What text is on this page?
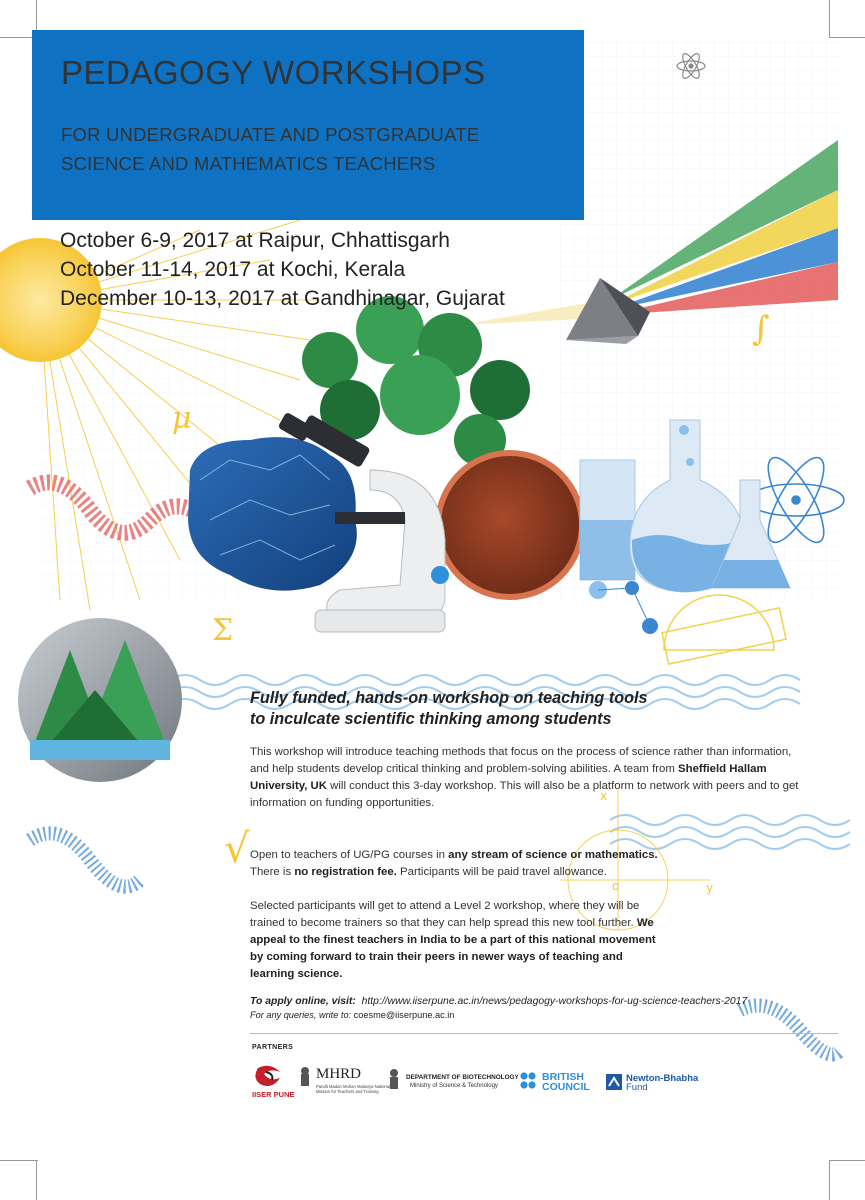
μ
Σ
∫
√
x
y
o
PEDAGOGY WORKSHOPS
FOR UNDERGRADUATE AND POSTGRADUATE
SCIENCE AND MATHEMATICS TEACHERS
October 6-9, 2017 at Raipur, Chhattisgarh
October 11-14, 2017 at Kochi, Kerala
December 10-13, 2017 at Gandhinagar, Gujarat
Fully funded, hands-on workshop on teaching tools
to inculcate scientific thinking among students
This workshop will introduce teaching methods that focus on the process of science rather than information, and help students develop critical thinking and problem-solving abilities. A team from Sheffield Hallam University, UK will conduct this 3-day workshop. This will also be a platform to network with peers and to get information on funding opportunities.
Open to teachers of UG/PG courses in any stream of science or mathematics.
There is no registration fee. Participants will be paid travel allowance.
Selected participants will get to attend a Level 2 workshop, where they will be trained to become trainers so that they can help spread this new tool further. We appeal to the finest teachers in India to be a part of this national movement by coming forward to train their peers in newer ways of teaching and learning science.
To apply online, visit: http://www.iiserpune.ac.in/news/pedagogy-workshops-for-ug-science-teachers-2017
For any queries, write to: coesme@iiserpune.ac.in
PARTNERS
IISER PUNE
MHRD
Pandit Madan Mohan Malaviya National
Mission for Teachers and Training
DEPARTMENT OF BIOTECHNOLOGY
Ministry of Science & Technology
BRITISH
COUNCIL
Newton-Bhabha
Fund
